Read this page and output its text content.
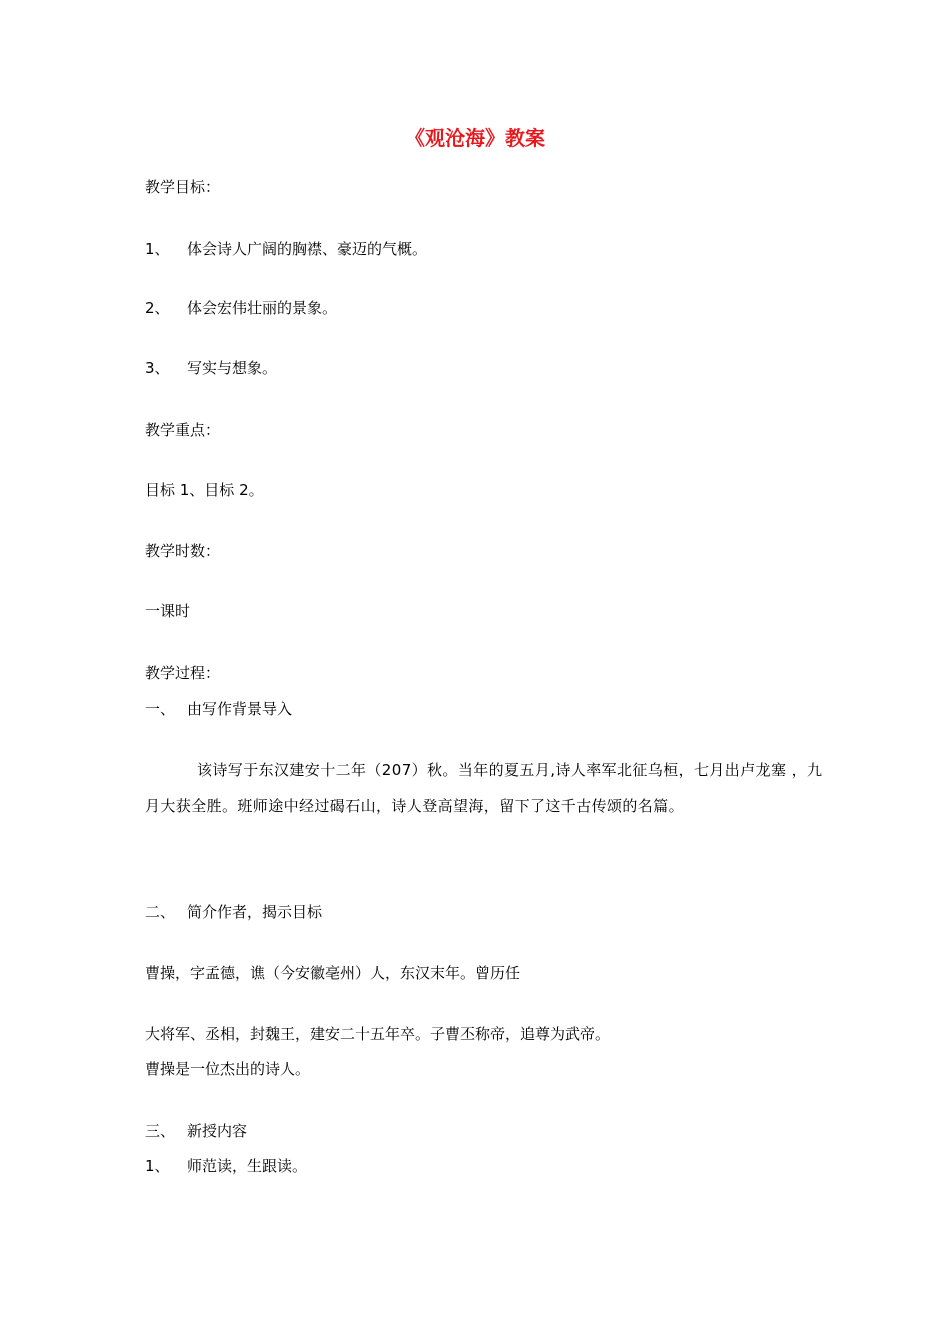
《观沧海》教案
教学目标：
1、 体会诗人广阔的胸襟、豪迈的气概。
2、 体会宏伟壮丽的景象。
3、 写实与想象。
教学重点：
目标 1、目标 2。
教学时数：
一课时
教学过程：
一、 由写作背景导入
该诗写于东汉建安十二年（207）秋。当年的夏五月,诗人率军北征乌桓，七月出卢龙塞 ，九月大获全胜。班师途中经过碣石山，诗人登高望海，留下了这千古传颂的名篇。
二、 简介作者，揭示目标
曹操，字孟德，谯（今安徽亳州）人，东汉末年。曾历任
大将军、丞相，封魏王，建安二十五年卒。子曹丕称帝，追尊为武帝。
曹操是一位杰出的诗人。
三、 新授内容
1、 师范读，生跟读。
